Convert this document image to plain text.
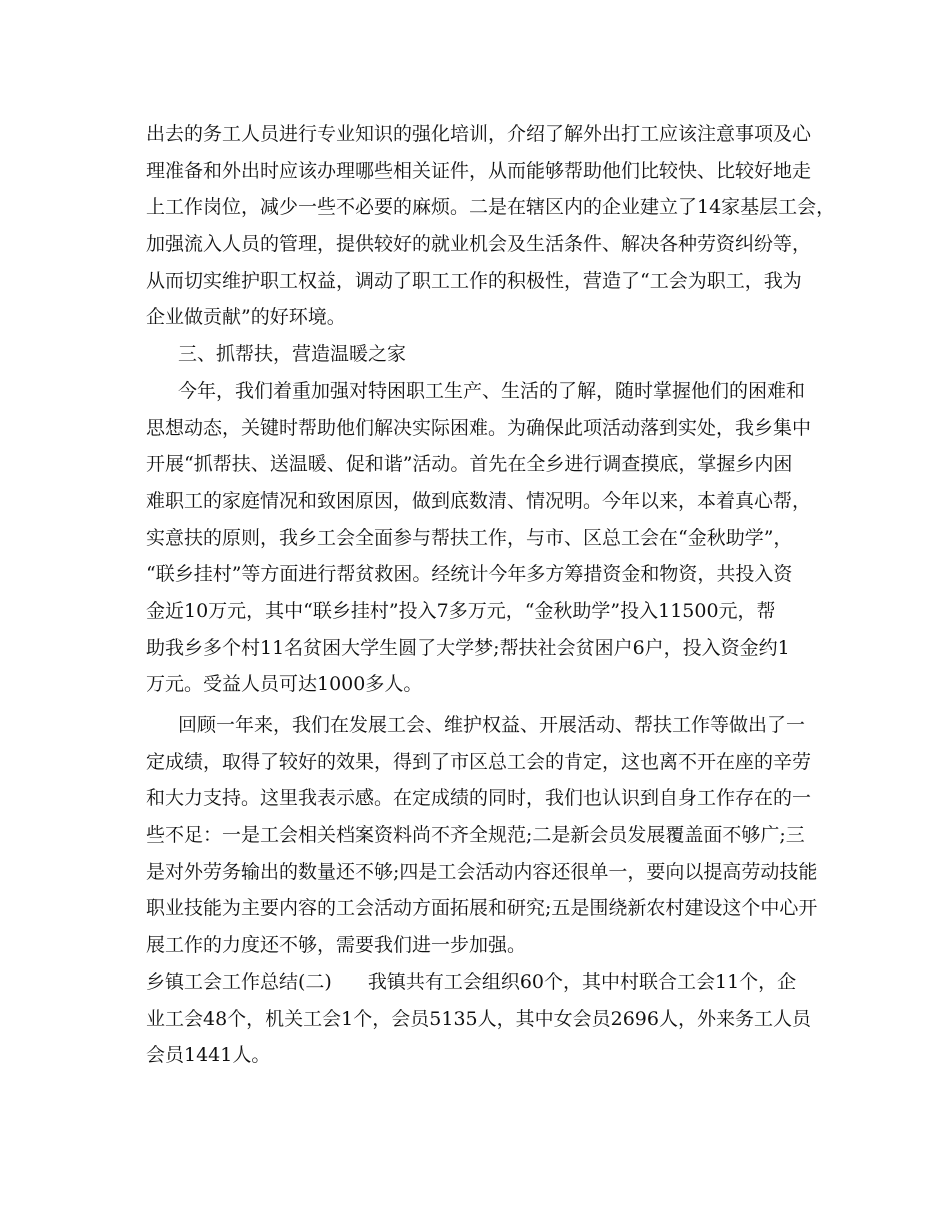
出去的务工人员进行专业知识的强化培训，介绍了解外出打工应该注意事项及心
理准备和外出时应该办理哪些相关证件，从而能够帮助他们比较快、比较好地走
上工作岗位，减少一些不必要的麻烦。二是在辖区内的企业建立了14家基层工会，
加强流入人员的管理，提供较好的就业机会及生活条件、解决各种劳资纠纷等，
从而切实维护职工权益，调动了职工工作的积极性，营造了“工会为职工，我为
企业做贡献”的好环境。
三、抓帮扶，营造温暖之家
今年，我们着重加强对特困职工生产、生活的了解，随时掌握他们的困难和
思想动态，关键时帮助他们解决实际困难。为确保此项活动落到实处，我乡集中
开展“抓帮扶、送温暖、促和谐”活动。首先在全乡进行调查摸底，掌握乡内困
难职工的家庭情况和致困原因，做到底数清、情况明。今年以来，本着真心帮，
实意扶的原则，我乡工会全面参与帮扶工作，与市、区总工会在“金秋助学”，
“联乡挂村”等方面进行帮贫救困。经统计今年多方筹措资金和物资，共投入资
金近10万元，其中“联乡挂村”投入7多万元，“金秋助学”投入11500元，帮
助我乡多个村11名贫困大学生圆了大学梦;帮扶社会贫困户6户，投入资金约1
万元。受益人员可达1000多人。
回顾一年来，我们在发展工会、维护权益、开展活动、帮扶工作等做出了一
定成绩，取得了较好的效果，得到了市区总工会的肯定，这也离不开在座的辛劳
和大力支持。这里我表示感。在定成绩的同时，我们也认识到自身工作存在的一
些不足：一是工会相关档案资料尚不齐全规范;二是新会员发展覆盖面不够广;三
是对外劳务输出的数量还不够;四是工会活动内容还很单一，要向以提高劳动技能
职业技能为主要内容的工会活动方面拓展和研究;五是围绕新农村建设这个中心开
展工作的力度还不够，需要我们进一步加强。
乡镇工会工作总结(二) 我镇共有工会组织60个，其中村联合工会11个，企
业工会48个，机关工会1个，会员5135人，其中女会员2696人，外来务工人员
会员1441人。
